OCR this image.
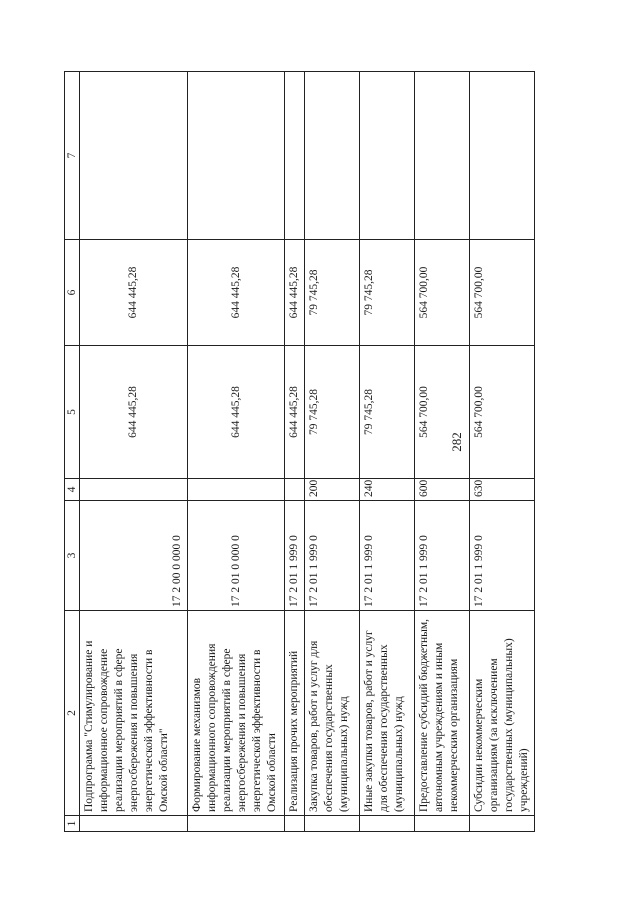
282
1	2	3	4	5	6	7
	Подпрограмма "Стимулирование и информационное сопровождение реализации мероприятий в сфере энергосбережения и повышения энергетической эффективности в Омской области"	17 2 00 0 000 0		644 445,28	644 445,28	
	Формирование механизмов информационного сопровождения реализации мероприятий в сфере энергосбережения и повышения энергетической эффективности в Омской области	17 2 01 0 000 0		644 445,28	644 445,28	
	Реализация прочих мероприятий	17 2 01 1 999 0		644 445,28	644 445,28	
	Закупка товаров, работ и услуг для обеспечения государственных (муниципальных) нужд	17 2 01 1 999 0	200	79 745,28	79 745,28	
	Иные закупки товаров, работ и услуг для обеспечения государственных (муниципальных) нужд	17 2 01 1 999 0	240	79 745,28	79 745,28	
	Предоставление субсидий бюджетным, автономным учреждениям и иным некоммерческим организациям	17 2 01 1 999 0	600	564 700,00	564 700,00	
	Субсидии некоммерческим организациям (за исключением государственных (муниципальных) учреждений)	17 2 01 1 999 0	630	564 700,00	564 700,00	
